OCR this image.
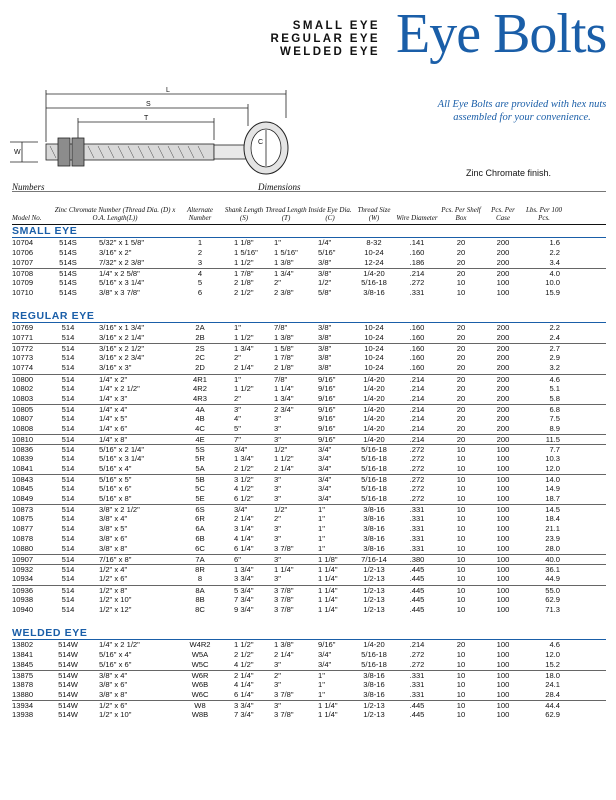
SMALL EYE
REGULAR EYE
WELDED EYE Eye Bolts
All Eye Bolts are provided with hex nuts assembled for your convenience.
Zinc Chromate finish.
L
S
T
W
C
Numbers	Dimensions
Model No.
Zinc Chromate Number (Thread Dia. (D) x O.A. Length(L))
Alternate Number
Shank Length (S)
Thread Length (T)
Inside Eye Dia. (C)
Thread Size (W)	Wire Diameter
Pcs. Per Shelf Box
Pcs. Per Case
Lbs. Per 100 Pcs.
SMALL EYE
10704	514S	5/32" x 1 5/8"	1	1 1/8"	1"	1/4"	8-32	.141	20	200	1.6
10706	514S	3/16" x 2"	2	1 5/16"	1 5/16"	5/16"	10-24	.160	20	200	2.2
10707	514S	7/32" x 2 3/8"	3	1 1/2"	1 3/8"	3/8"	12-24	.186	20	200	3.4
10708	514S	1/4" x 2 5/8"	4	1 7/8"	1 3/4"	3/8"	1/4-20	.214	20	200	4.0
10709	514S	5/16" x 3 1/4"	5	2 1/8"	2"	1/2"	5/16-18	.272	10	100	10.0
10710	514S	3/8" x 3 7/8"	6	2 1/2"	2 3/8"	5/8"	3/8-16	.331	10	100	15.9
REGULAR EYE
10769	514	3/16" x 1 3/4"	2A	1"	7/8"	3/8"	10-24	.160	20	200	2.2
10771	514	3/16" x 2 1/4"	2B	1 1/2"	1 3/8"	3/8"	10-24	.160	20	200	2.4
10772	514	3/16" x 2 1/2"	2S	1 3/4"	1 5/8"	3/8"	10-24	.160	20	200	2.7
10773	514	3/16" x 2 3/4"	2C	2"	1 7/8"	3/8"	10-24	.160	20	200	2.9
10774	514	3/16" x 3"	2D	2 1/4"	2 1/8"	3/8"	10-24	.160	20	200	3.2
10800	514	1/4" x 2"	4R1	1"	7/8"	9/16"	1/4-20	.214	20	200	4.6
10802	514	1/4" x 2 1/2"	4R2	1 1/2"	1 1/4"	9/16"	1/4-20	.214	20	200	5.1
10803	514	1/4" x 3"	4R3	2"	1 3/4"	9/16"	1/4-20	.214	20	200	5.8
10805	514	1/4" x 4"	4A	3"	2 3/4"	9/16"	1/4-20	.214	20	200	6.8
10807	514	1/4" x 5"	4B	4"	3"	9/16"	1/4-20	.214	20	200	7.5
10808	514	1/4" x 6"	4C	5"	3"	9/16"	1/4-20	.214	20	200	8.9
10810	514	1/4" x 8"	4E	7"	3"	9/16"	1/4-20	.214	20	200	11.5
10836	514	5/16" x 2 1/4"	5S	3/4"	1/2"	3/4"	5/16-18	.272	10	100	7.7
10839	514	5/16" x 3 1/4"	5R	1 3/4"	1 1/2"	3/4"	5/16-18	.272	10	100	10.3
10841	514	5/16" x 4"	5A	2 1/2"	2 1/4"	3/4"	5/16-18	.272	10	100	12.0
10843	514	5/16" x 5"	5B	3 1/2"	3"	3/4"	5/16-18	.272	10	100	14.0
10845	514	5/16" x 6"	5C	4 1/2"	3"	3/4"	5/16-18	.272	10	100	14.9
10849	514	5/16" x 8"	5E	6 1/2"	3"	3/4"	5/16-18	.272	10	100	18.7
10873	514	3/8" x 2 1/2"	6S	3/4"	1/2"	1"	3/8-16	.331	10	100	14.5
10875	514	3/8" x 4"	6R	2 1/4"	2"	1"	3/8-16	.331	10	100	18.4
10877	514	3/8" x 5"	6A	3 1/4"	3"	1"	3/8-16	.331	10	100	21.1
10878	514	3/8" x 6"	6B	4 1/4"	3"	1"	3/8-16	.331	10	100	23.9
10880	514	3/8" x 8"	6C	6 1/4"	3 7/8"	1"	3/8-16	.331	10	100	28.0
10907	514	7/16" x 8"	7A	6"	3"	1 1/8"	7/16-14	.380	10	100	40.0
10932	514	1/2" x 4"	8R	1 3/4"	1 1/4"	1 1/4"	1/2-13	.445	10	100	36.1
10934	514	1/2" x 6"	8	3 3/4"	3"	1 1/4"	1/2-13	.445	10	100	44.9
10936	514	1/2" x 8"	8A	5 3/4"	3 7/8"	1 1/4"	1/2-13	.445	10	100	55.0
10938	514	1/2" x 10"	8B	7 3/4"	3 7/8"	1 1/4"	1/2-13	.445	10	100	62.9
10940	514	1/2" x 12"	8C	9 3/4"	3 7/8"	1 1/4"	1/2-13	.445	10	100	71.3
WELDED EYE
13802	514W	1/4" x 2 1/2"	W4R2	1 1/2"	1 3/8"	9/16"	1/4-20	.214	20	100	4.6
13841	514W	5/16" x 4"	W5A	2 1/2"	2 1/4"	3/4"	5/16-18	.272	10	100	12.0
13845	514W	5/16" x 6"	W5C	4 1/2"	3"	3/4"	5/16-18	.272	10	100	15.2
13875	514W	3/8" x 4"	W6R	2 1/4"	2"	1"	3/8-16	.331	10	100	18.0
13878	514W	3/8" x 6"	W6B	4 1/4"	3"	1"	3/8-16	.331	10	100	24.1
13880	514W	3/8" x 8"	W6C	6 1/4"	3 7/8"	1"	3/8-16	.331	10	100	28.4
13934	514W	1/2" x 6"	W8	3 3/4"	3"	1 1/4"	1/2-13	.445	10	100	44.4
13938	514W	1/2" x 10"	W8B	7 3/4"	3 7/8"	1 1/4"	1/2-13	.445	10	100	62.9
